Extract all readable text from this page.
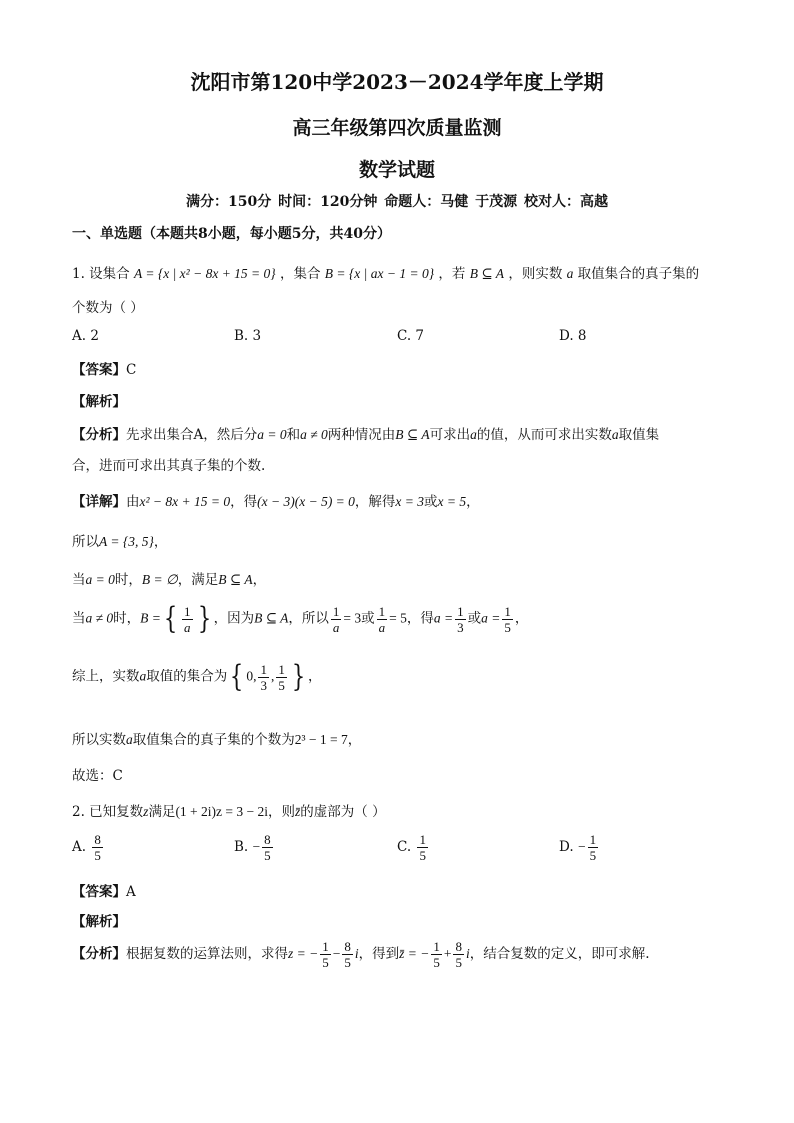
沈阳市第120中学2023－2024学年度上学期
高三年级第四次质量监测
数学试题
满分：150分 时间：120分钟 命题人：马健 于茂源 校对人：高越
一、单选题（本题共8小题，每小题5分，共40分）
1. 设集合 A = {x | x² − 8x + 15 = 0} ，集合 B = {x | ax − 1 = 0} ，若 B ⊆ A ，则实数 a 取值集合的真子集的
个数为（ ）
A. 2	B. 3	C. 7	D. 8
【答案】C
【解析】
【分析】先求出集合A，然后分a = 0和a ≠ 0两种情况由B ⊆ A可求出a的值，从而可求出实数a取值集
合，进而可求出其真子集的个数.
【详解】由x² − 8x + 15 = 0，得(x − 3)(x − 5) = 0，解得x = 3或x = 5，
所以A = {3, 5}，
当a = 0时，B = ∅，满足B ⊆ A，
当a ≠ 0时，B ={ $\frac{1}{a}$ } ，因为B ⊆ A，所以 $\frac{1}{a} = 3$或 $\frac{1}{a} = 5$，得$a = \frac{1}{3}$ 或$a = \frac{1}{5}$ ，
综上，实数a取值的集合为{ 0, $\frac{1}{3}$ , $\frac{1}{5}$ } ，
所以实数a取值集合的真子集的个数为2³ − 1 = 7，
故选：C
2. 已知复数z满足(1 + 2i)z = 3 − 2i，则z̄的虚部为（ ）
A. $\frac{8}{5}$	B. − $\frac{8}{5}$	C. $\frac{1}{5}$	D. − $\frac{1}{5}$
【答案】A
【解析】
【分析】根据复数的运算法则，求得z = − $\frac{1}{5} - \frac{8}{5}$ i，得到z̄ = − $\frac{1}{5} + \frac{8}{5}$ i，结合复数的定义，即可求解.
